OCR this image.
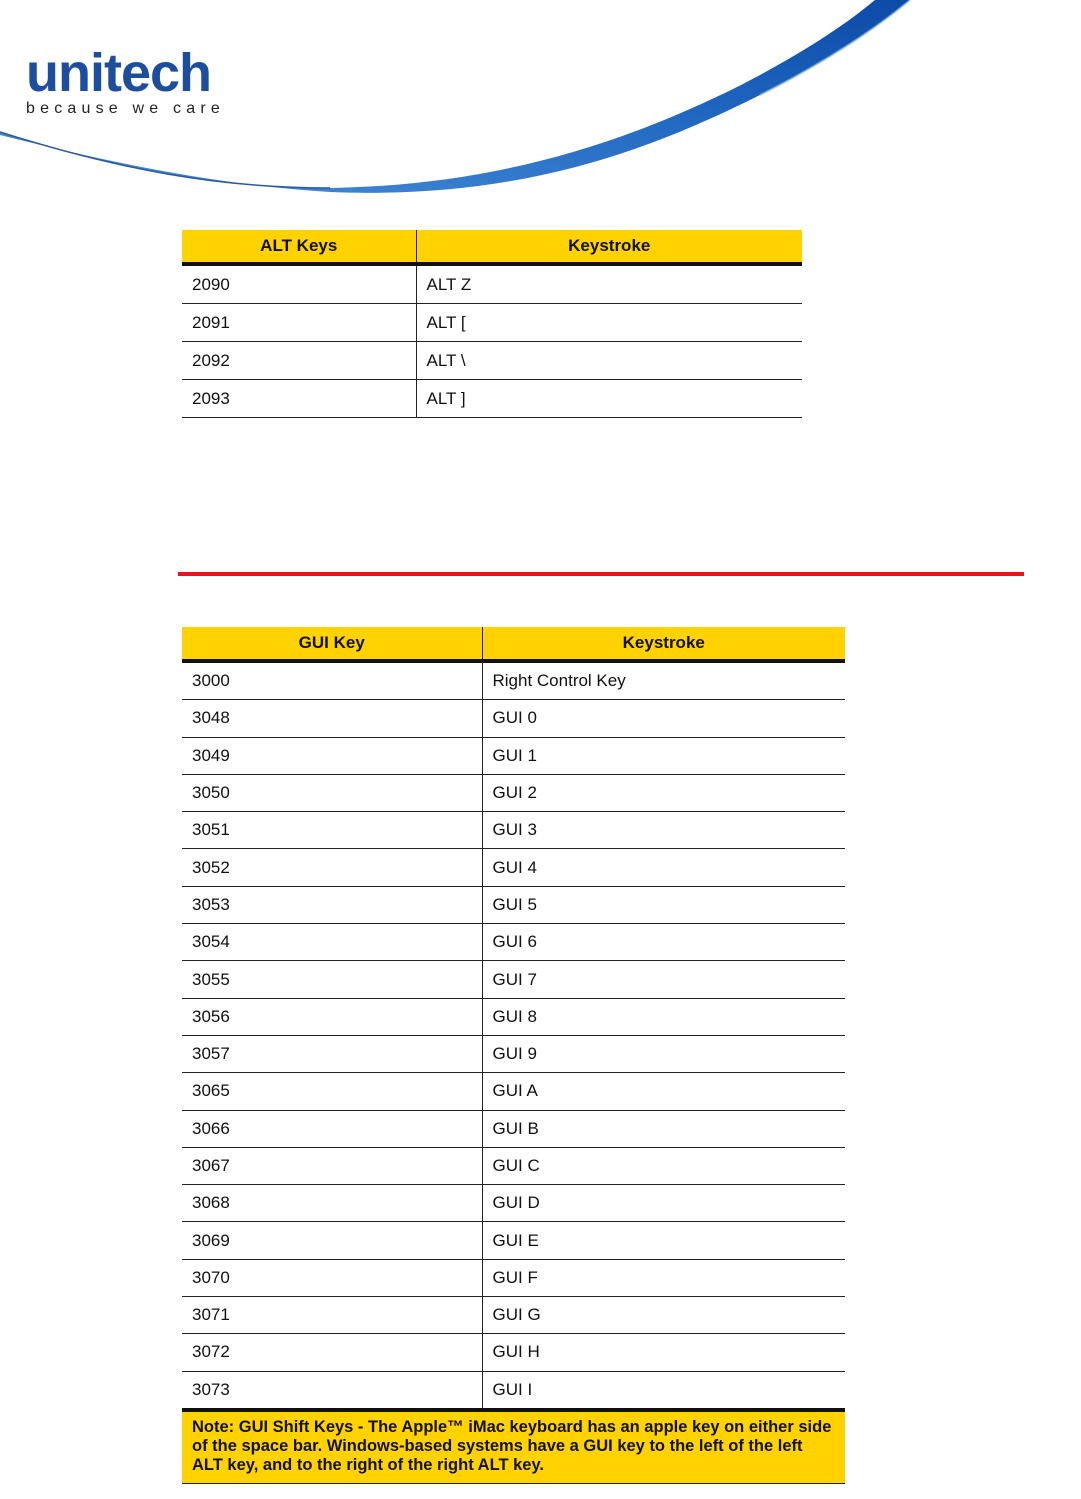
unitech
because we care
ALT Keys	Keystroke
2090	ALT Z
2091	ALT [
2092	ALT \
2093	ALT ]
GUI Key	Keystroke
3000	Right Control Key
3048	GUI 0
3049	GUI 1
3050	GUI 2
3051	GUI 3
3052	GUI 4
3053	GUI 5
3054	GUI 6
3055	GUI 7
3056	GUI 8
3057	GUI 9
3065	GUI A
3066	GUI B
3067	GUI C
3068	GUI D
3069	GUI E
3070	GUI F
3071	GUI G
3072	GUI H
3073	GUI I
Note: GUI Shift Keys - The Apple™ iMac keyboard has an apple key on either side of the space bar. Windows-based systems have a GUI key to the left of the left ALT key, and to the right of the right ALT key.	
